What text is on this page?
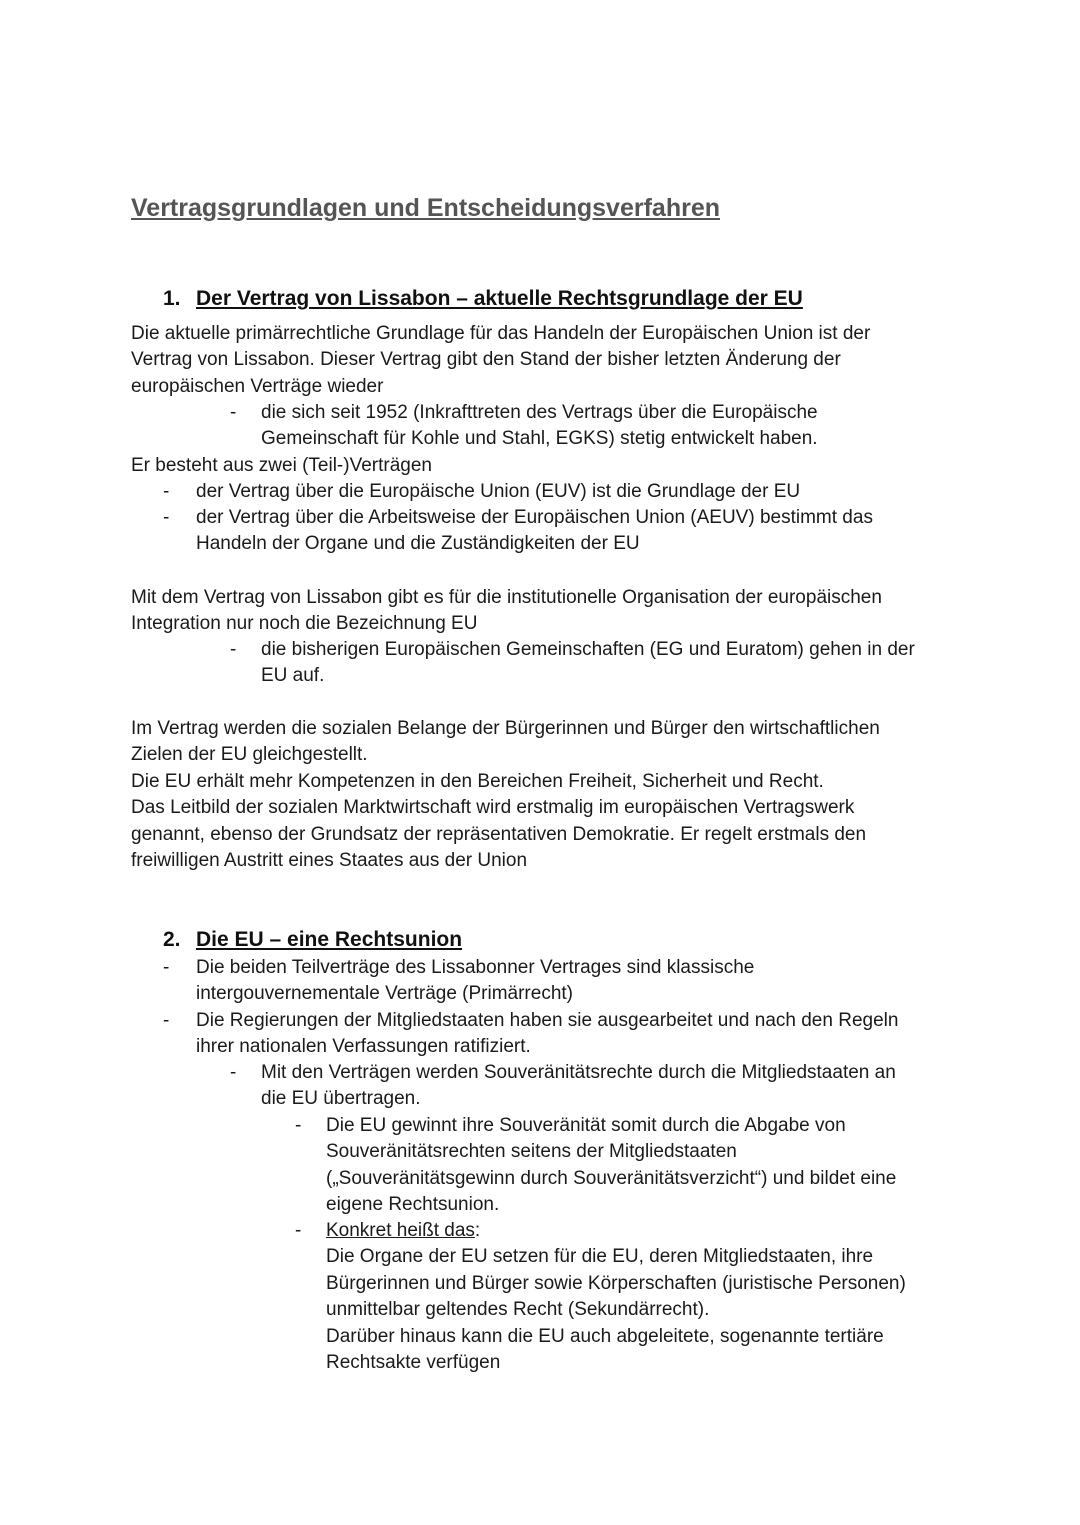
Vertragsgrundlagen und Entscheidungsverfahren
1. Der Vertrag von Lissabon – aktuelle Rechtsgrundlage der EU

Die aktuelle primärrechtliche Grundlage für das Handeln der Europäischen Union ist der
Vertrag von Lissabon. Dieser Vertrag gibt den Stand der bisher letzten Änderung der
europäischen Verträge wieder

- die sich seit 1952 (Inkrafttreten des Vertrags über die Europäische
Gemeinschaft für Kohle und Stahl, EGKS) stetig entwickelt haben.

Er besteht aus zwei (Teil-)Verträgen

- der Vertrag über die Europäische Union (EUV) ist die Grundlage der EU
- der Vertrag über die Arbeitsweise der Europäischen Union (AEUV) bestimmt das
Handeln der Organe und die Zuständigkeiten der EU

Mit dem Vertrag von Lissabon gibt es für die institutionelle Organisation der europäischen
Integration nur noch die Bezeichnung EU

- die bisherigen Europäischen Gemeinschaften (EG und Euratom) gehen in der
EU auf.

Im Vertrag werden die sozialen Belange der Bürgerinnen und Bürger den wirtschaftlichen
Zielen der EU gleichgestellt.
Die EU erhält mehr Kompetenzen in den Bereichen Freiheit, Sicherheit und Recht.
Das Leitbild der sozialen Marktwirtschaft wird erstmalig im europäischen Vertragswerk
genannt, ebenso der Grundsatz der repräsentativen Demokratie. Er regelt erstmals den
freiwilligen Austritt eines Staates aus der Union

2. Die EU – eine Rechtsunion
- Die beiden Teilverträge des Lissabonner Vertrages sind klassische
intergouvernementale Verträge (Primärrecht)
- Die Regierungen der Mitgliedstaaten haben sie ausgearbeitet und nach den Regeln
ihrer nationalen Verfassungen ratifiziert.
- Mit den Verträgen werden Souveränitätsrechte durch die Mitgliedstaaten an
die EU übertragen.
- Die EU gewinnt ihre Souveränität somit durch die Abgabe von
Souveränitätsrechten seitens der Mitgliedstaaten
(„Souveränitätsgewinn durch Souveränitätsverzicht“) und bildet eine
eigene Rechtsunion.
- Konkret heißt das:
Die Organe der EU setzen für die EU, deren Mitgliedstaaten, ihre
Bürgerinnen und Bürger sowie Körperschaften (juristische Personen)
unmittelbar geltendes Recht (Sekundärrecht).
Darüber hinaus kann die EU auch abgeleitete, sogenannte tertiäre
Rechtsakte verfügen
